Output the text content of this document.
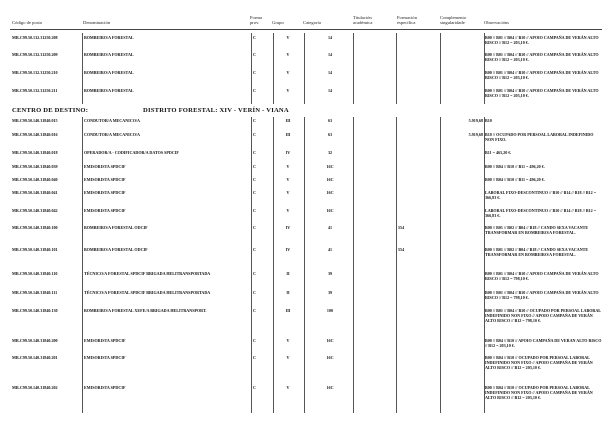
Código de posto	Denominación
Forma prov.	Grupo	Categoría
Titulación académica
Formación específica
Complemento singularidade	Observacións
MR.C99.50.132.31250.208	BOMBEIRO/A FORESTAL	C	V	14	B00 // B01 // B04 // B10 // APOIO CAMPAÑA DE VERÁN ALTO RISCO // B12 = 203,10 €.
MR.C99.50.132.31250.209	BOMBEIRO/A FORESTAL	C	V	14	B00 // B01 // B04 // B10 // APOIO CAMPAÑA DE VERÁN ALTO RISCO // B12 = 203,10 €.
MR.C99.50.132.31250.210	BOMBEIRO/A FORESTAL	C	V	14	B00 // B01 // B04 // B10 // APOIO CAMPAÑA DE VERÁN ALTO RISCO // B12 = 203,10 €.
MR.C99.50.132.31250.211	BOMBEIRO/A FORESTAL	C	V	14	B00 // B01 // B04 // B10 // APOIO CAMPAÑA DE VERÁN ALTO RISCO // B12 = 203,10 €.
CENTRO DE DESTINO:	DISTRITO FORESTAL: XIV - VERÍN - VIANA
MR.C99.50.140.31840.015	CONDUTOR/A MECANICO/A	C	III	63	5.919,68 B10
MR.C99.50.140.31840.016	CONDUTOR/A MECANICO/A	C	III	63	5.919,68 B10 // OCUPADO POR PERSOAL LABORAL INDEFINIDO NON FIXO.
MR.C99.50.140.31840.018	OPERADOR/A - CODIFICADOR/A DATOS SPDCIF	C	IV	32	B11 = 465,20 €.
MR.C99.50.140.31840.039	EMISORISTA SPDCIF	C	V	16C	B00 // B04 // B10 // B11 = 496,20 €.
MR.C99.50.140.31840.040	EMISORISTA SPDCIF	C	V	16C	B00 // B04 // B10 // B11 = 496,20 €.
MR.C99.50.140.31840.041	EMISORISTA SPDCIF	C	V	16C	LABORAL FIXO-DESCONTINUO // B10 // B14 // B18 // B12 = 366,83 €.
MR.C99.50.140.31840.042	EMISORISTA SPDCIF	C	V	16C	LABORAL FIXO-DESCONTINUO // B10 // B14 // B18 // B12 = 366,83 €.
MR.C99.50.140.31840.100	BOMBEIRO/A FORESTAL ODCIF	C	IV	41	554	B00 // B01 // B02 // B04 // B18 // CANDO SEXA VACANTE TRANSFORMAR EN BOMBEIRO/A FORESTAL.
MR.C99.50.140.31840.101	BOMBEIRO/A FORESTAL ODCIF	C	IV	41	554	B00 // B01 // B02 // B04 // B18 // CANDO SEXA VACANTE TRANSFORMAR EN BOMBEIRO/A FORESTAL.
MR.C99.50.140.31840.110	TÉCNICO/A FORESTAL SPDCIF BRIGADA HELITRANSPORTADA	C	II	39	B00 // B01 // B04 // B10 // APOIO CAMPAÑA DE VERÁN ALTO RISCO // B12 = 798,10 €.
MR.C99.50.140.31840.111	TÉCNICO/A FORESTAL SPDCIF BRIGADA HELITRANSPORTADA	C	II	39	B00 // B01 // B04 // B10 // APOIO CAMPAÑA DE VERÁN ALTO RISCO // B12 = 798,10 €.
MR.C99.50.140.31840.130	BOMBEIRO/A FORESTAL XEFE/A BRIGADA HELITRANSPORT.	C	III	100	B00 // B01 // B04 // B10 // OCUPADO POR PERSOAL LABORAL INDEFINIDO NON FIXO // APOIO CAMPAÑA DE VERÁN ALTO RISCO // B12 = 798,10 €.
MR.C99.50.140.31840.200	EMISORISTA SPDCIF	C	V	16C	B00 // B04 // B10 // APOIO CAMPAÑA DE VERAN ALTO RISCO // B12 = 203,10 €.
MR.C99.50.140.31840.201	EMISORISTA SPDCIF	C	V	16C	B00 // B04 // B10 // OCUPADO POR PERSOAL LABORAL INDEFINIDO NON FIXO // APOIO CAMPAÑA DE VERÁN ALTO RISCO // B12 = 203,10 €.
MR.C99.50.140.31840.202	EMISORISTA SPDCIF	C	V	16C	B00 // B04 // B10 // OCUPADO POR PERSOAL LABORAL INDEFINIDO NON FIXO // APOIO CAMPAÑA DE VERÁN ALTO RISCO // B12 = 203,10 €.
